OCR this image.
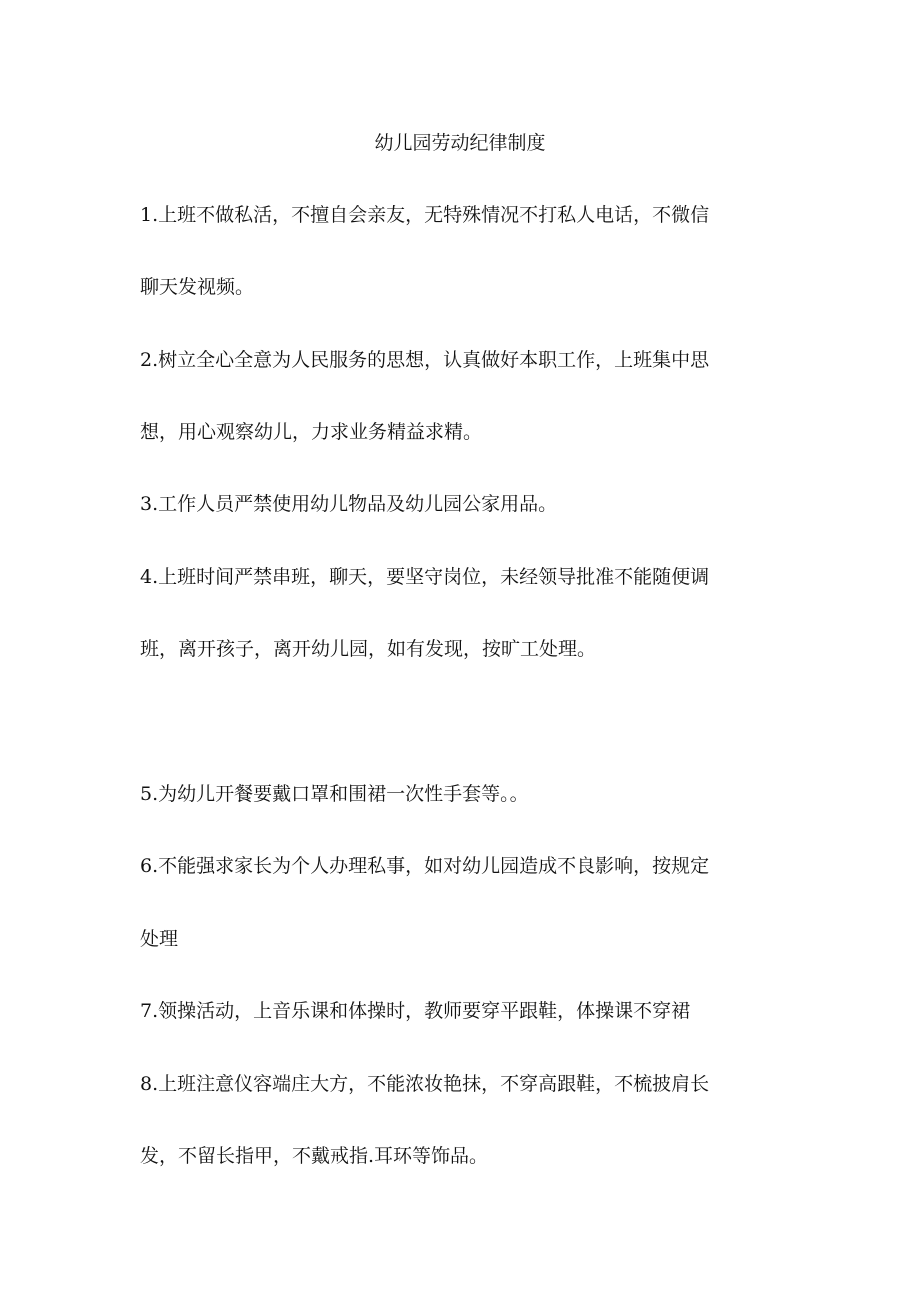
幼儿园劳动纪律制度

1.上班不做私活，不擅自会亲友，无特殊情况不打私人电话，不微信

聊天发视频。

2.树立全心全意为人民服务的思想，认真做好本职工作，上班集中思

想，用心观察幼儿，力求业务精益求精。

3.工作人员严禁使用幼儿物品及幼儿园公家用品。

4.上班时间严禁串班，聊天，要坚守岗位，未经领导批准不能随便调

班，离开孩子，离开幼儿园，如有发现，按旷工处理。

5.为幼儿开餐要戴口罩和围裙一次性手套等。。

6.不能强求家长为个人办理私事，如对幼儿园造成不良影响，按规定

处理

7.领操活动，上音乐课和体操时，教师要穿平跟鞋，体操课不穿裙

8.上班注意仪容端庄大方，不能浓妆艳抹，不穿高跟鞋，不梳披肩长

发，不留长指甲，不戴戒指.耳环等饰品。
